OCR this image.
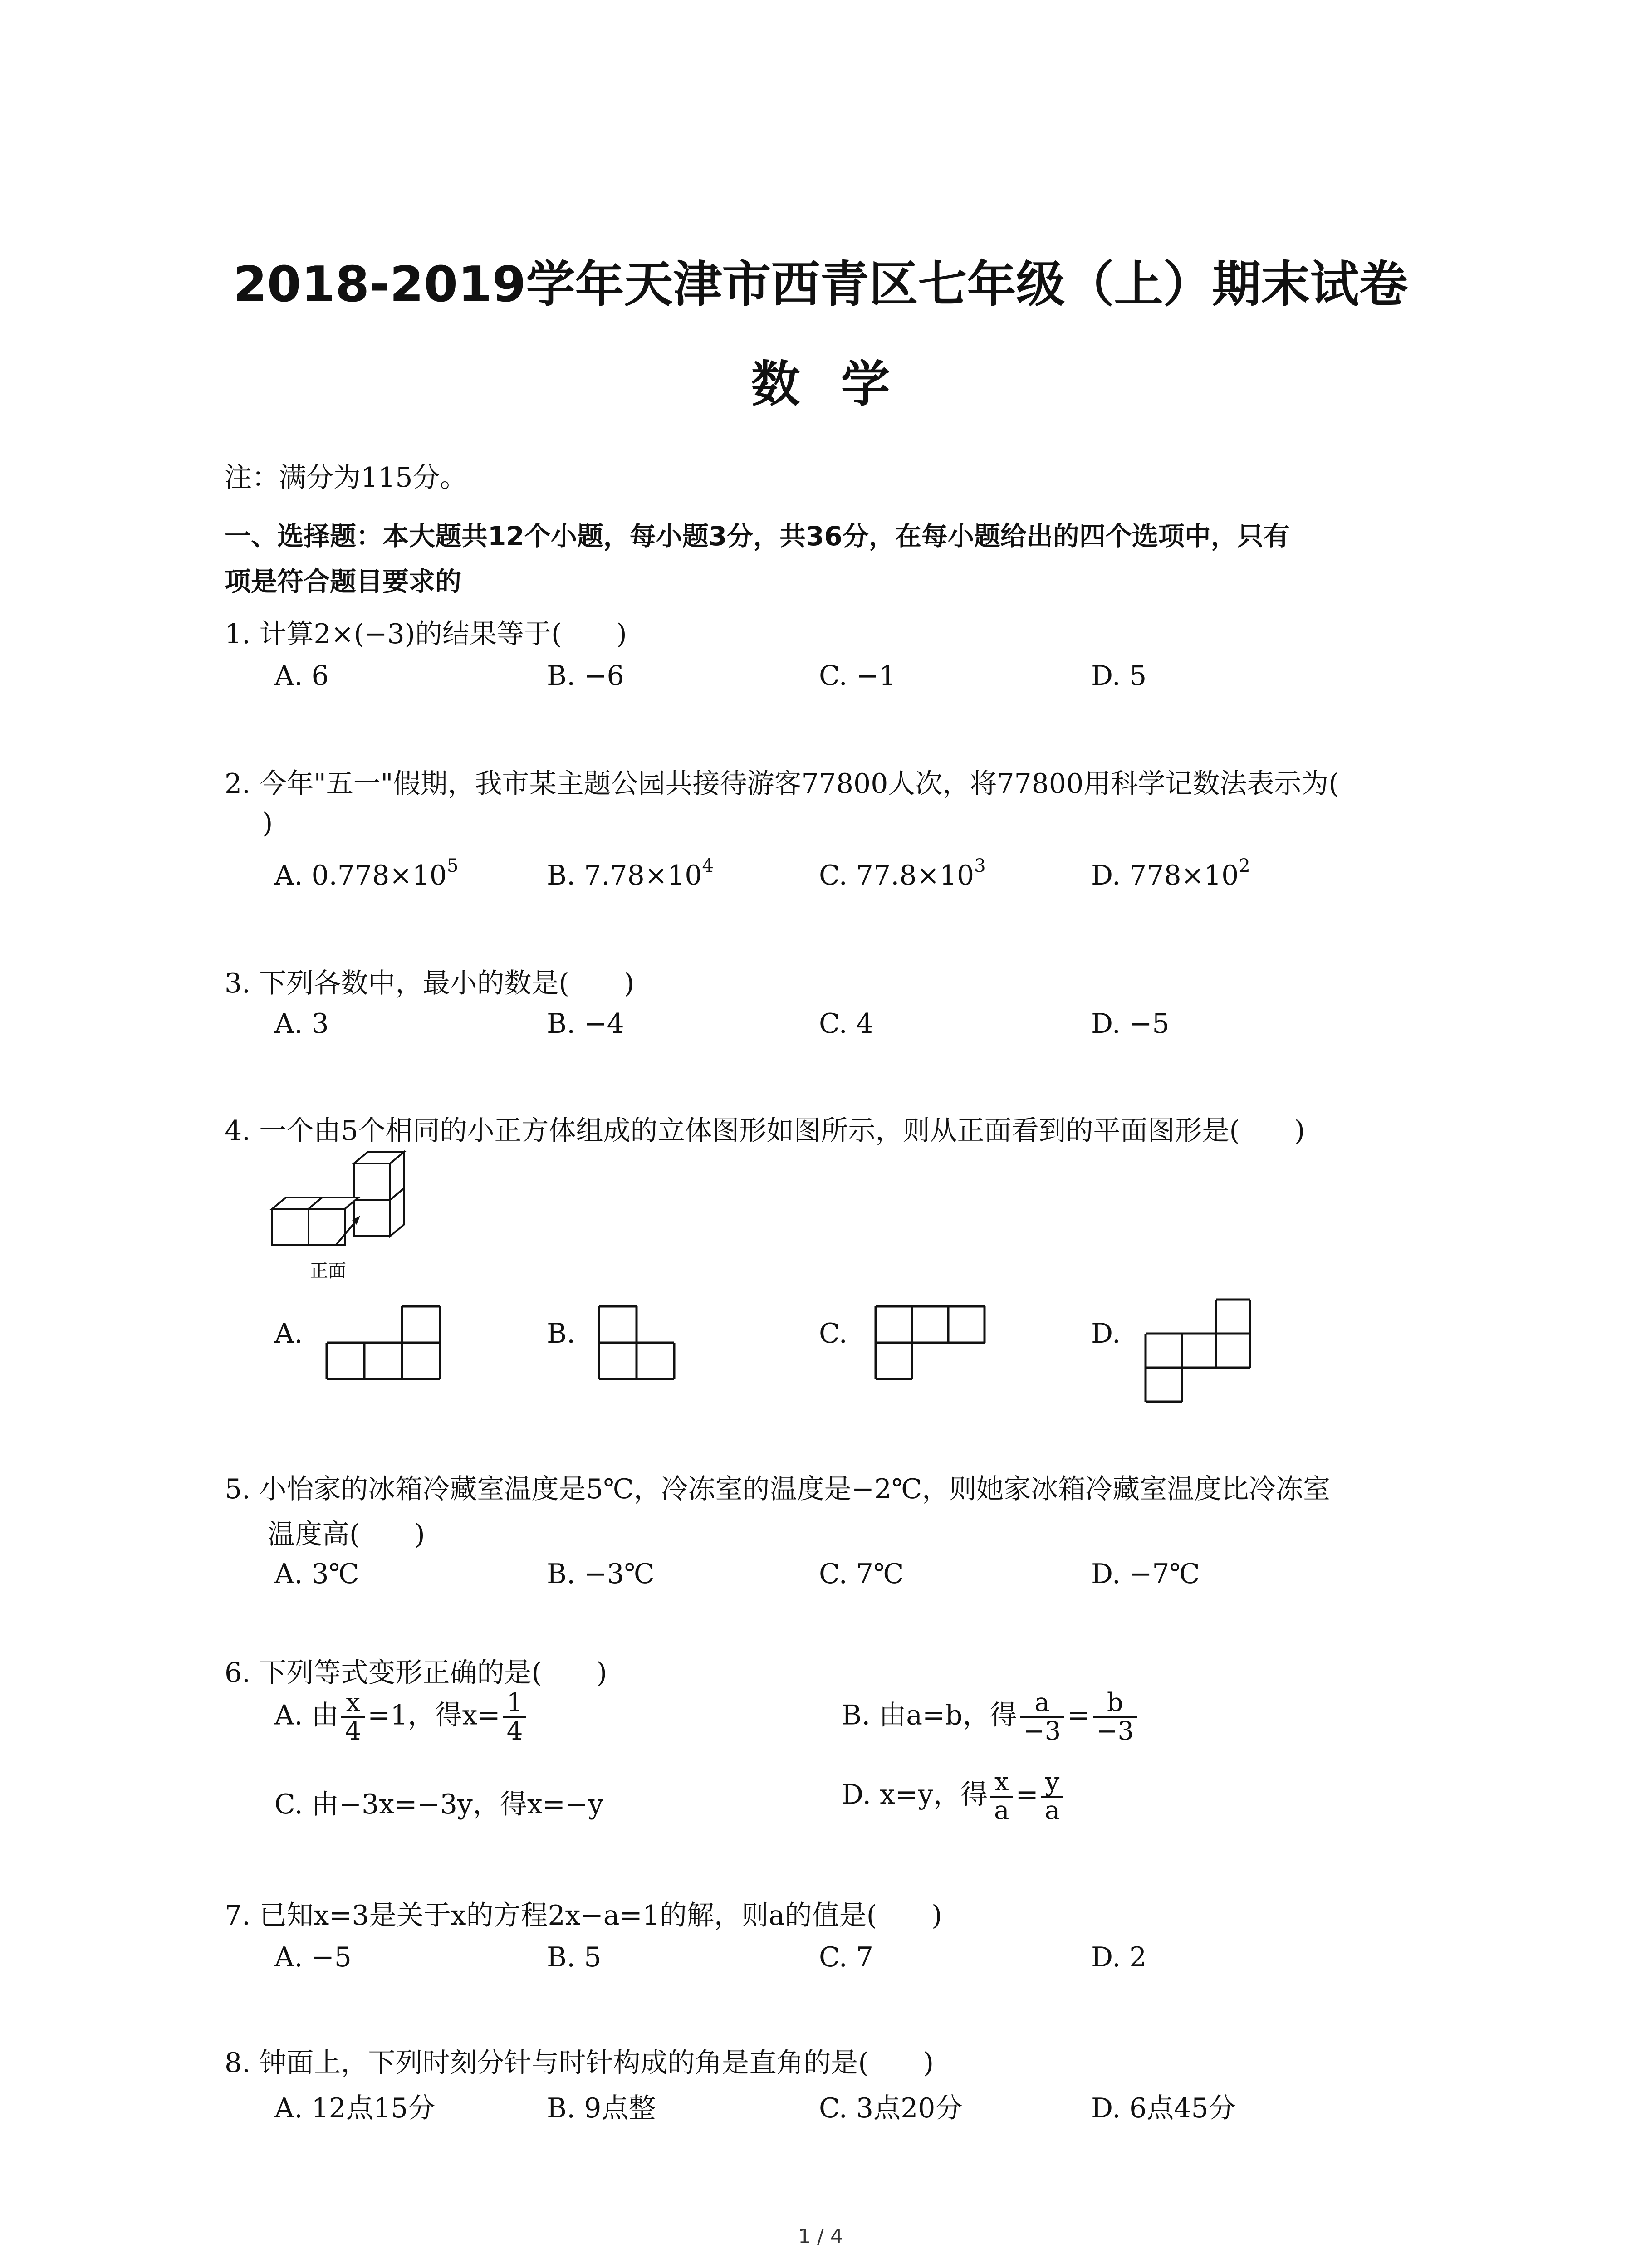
2018-2019学年天津市西青区七年级（上）期末试卷
数学
注：满分为115分。
一、选择题：本大题共12个小题，每小题3分，共36分，在每小题给出的四个选项中，只有
项是符合题目要求的
1. 计算2×(−3)的结果等于(　　)
A. 6	B. −6	C. −1	D. 5
2. 今年"五一"假期，我市某主题公园共接待游客77800人次，将77800用科学记数法表示为(
)
A. $0.778\times 10^5$	B. $7.78\times 10^4$	C. $77.8\times 10^3$	D. $778\times 10^2$
3. 下列各数中，最小的数是(　　)
A. 3	B. −4	C. 4	D. −5
4. 一个由5个相同的小正方体组成的立体图形如图所示，则从正面看到的平面图形是(　　)
正面
A.	B.	C.	D.
5. 小怡家的冰箱冷藏室温度是5℃，冷冻室的温度是−2℃，则她家冰箱冷藏室温度比冷冻室
温度高(　　)
A. 3℃	B. −3℃	C. 7℃	D. −7℃
6. 下列等式变形正确的是(　　)
A. 由 $\frac{x}{4} =1$，得$x= \frac{1}{4}$	B. 由a=b，得 $\frac{a}{-3} = \frac{b}{-3}$
C. 由−3x=−3y，得x=−y	D. x=y，得 $\frac{x}{a} = \frac{y}{a}$
7. 已知x=3是关于x的方程2x−a=1的解，则a的值是(　　)
A. −5	B. 5	C. 7	D. 2
8. 钟面上，下列时刻分针与时针构成的角是直角的是(　　)
A. 12点15分	B. 9点整	C. 3点20分	D. 6点45分
1 / 4
